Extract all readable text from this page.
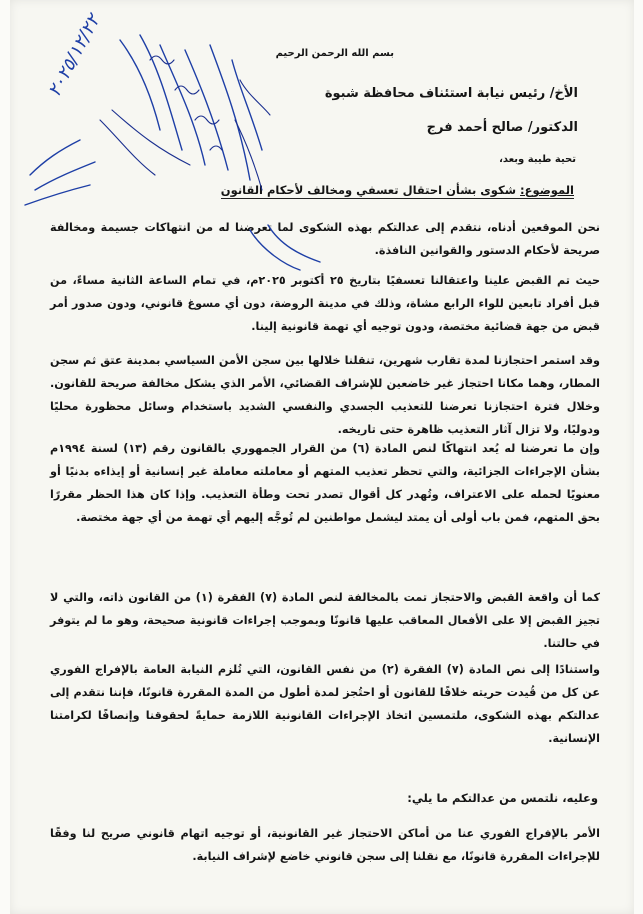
بسم الله الرحمن الرحيم
الأخ/ رئيس نيابة استئناف محافظة شبوة
الدكتور/ صالح أحمد فرج
تحية طيبة وبعد،
الموضوع: شكوى بشأن احتقال تعسفي ومخالف لأحكام القانون
نحن الموقعين أدناه، نتقدم إلى عدالتكم بهذه الشكوى لما تعرضنا له من انتهاكات جسيمة ومخالفة صريحة لأحكام الدستور والقوانين النافذة.
حيث تم القبض علينا واعتقالنا تعسفيًا بتاريخ ٢٥ أكتوبر ٢٠٢٥م، في تمام الساعة الثانية مساءً، من قبل أفراد تابعين للواء الرابع مشاة، وذلك في مدينة الروضة، دون أي مسوغ قانوني، ودون صدور أمر قبض من جهة قضائية مختصة، ودون توجيه أي تهمة قانونية إلينا.
وقد استمر احتجازنا لمدة تقارب شهرين، تنقلنا خلالها بين سجن الأمن السياسي بمدينة عتق ثم سجن المطار، وهما مكانا احتجاز غير خاضعين للإشراف القضائي، الأمر الذي يشكل مخالفة صريحة للقانون. وخلال فترة احتجازنا تعرضنا للتعذيب الجسدي والنفسي الشديد باستخدام وسائل محظورة محليًا ودوليًا، ولا تزال آثار التعذيب ظاهرة حتى تاريخه.
وإن ما تعرضنا له يُعد انتهاكًا لنص المادة (٦) من القرار الجمهوري بالقانون رقم (١٣) لسنة ١٩٩٤م بشأن الإجراءات الجزائية، والتي تحظر تعذيب المتهم أو معاملته معاملة غير إنسانية أو إيذاءه بدنيًا أو معنويًا لحمله على الاعتراف، وتُهدر كل أقوال تصدر تحت وطأة التعذيب. وإذا كان هذا الحظر مقررًا بحق المتهم، فمن باب أولى أن يمتد ليشمل مواطنين لم تُوجَّه إليهم أي تهمة من أي جهة مختصة.
كما أن واقعة القبض والاحتجاز تمت بالمخالفة لنص المادة (٧) الفقرة (١) من القانون ذاته، والتي لا تجيز القبض إلا على الأفعال المعاقب عليها قانونًا وبموجب إجراءات قانونية صحيحة، وهو ما لم يتوفر في حالتنا.
واستنادًا إلى نص المادة (٧) الفقرة (٢) من نفس القانون، التي تُلزم النيابة العامة بالإفراج الفوري عن كل من قُيدت حريته خلافًا للقانون أو احتُجز لمدة أطول من المدة المقررة قانونًا، فإننا نتقدم إلى عدالتكم بهذه الشكوى، ملتمسين اتخاذ الإجراءات القانونية اللازمة حمايةً لحقوقنا وإنصافًا لكرامتنا الإنسانية.
وعليه، نلتمس من عدالتكم ما يلي:
الأمر بالإفراج الفوري عنا من أماكن الاحتجاز غير القانونية، أو توجيه اتهام قانوني صريح لنا وفقًا للإجراءات المقررة قانونًا، مع نقلنا إلى سجن قانوني خاضع لإشراف النيابة.
٢٠٢٥/١٢/٢٢
